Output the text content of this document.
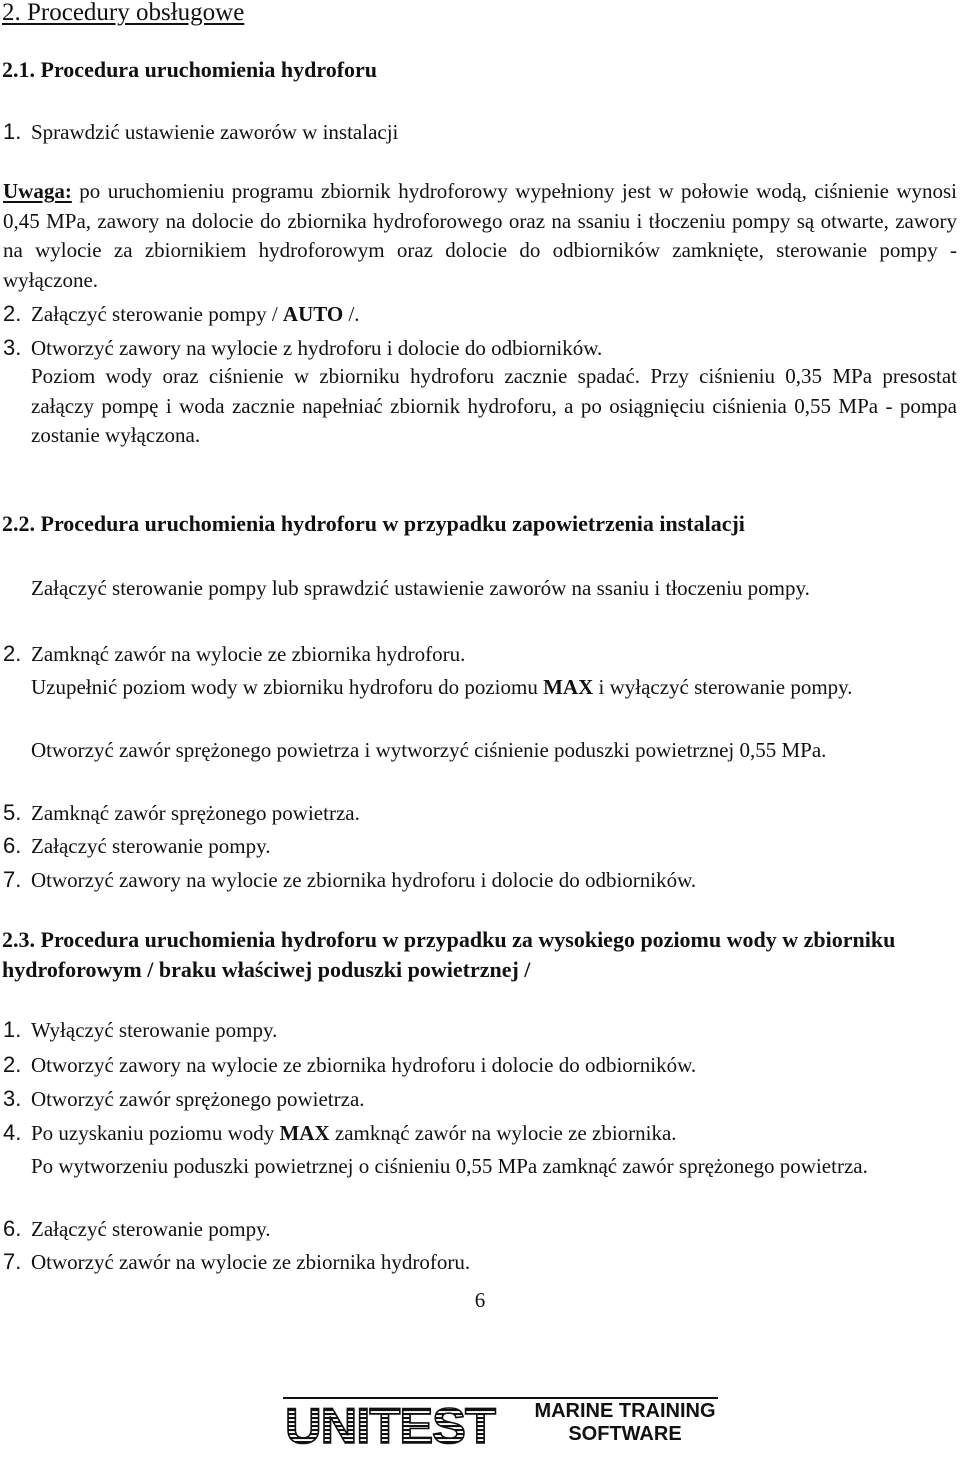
2. Procedury obsługowe
2.1. Procedura uruchomienia hydroforu
1. Sprawdzić ustawienie zaworów w instalacji
Uwaga: po uruchomieniu programu zbiornik hydroforowy wypełniony jest w połowie wodą, ciśnienie wynosi 0,45 MPa, zawory na dolocie do zbiornika hydroforowego oraz na ssaniu i tłoczeniu pompy są otwarte, zawory na wylocie za zbiornikiem hydroforowym oraz dolocie do odbiorników zamknięte, sterowanie pompy - wyłączone.
2. Załączyć sterowanie pompy / AUTO /.
3. Otworzyć zawory na wylocie z hydroforu i dolocie do odbiorników.
Poziom wody oraz ciśnienie w zbiorniku hydroforu zacznie spadać. Przy ciśnieniu 0,35 MPa presostat załączy pompę i woda zacznie napełniać zbiornik hydroforu, a po osiągnięciu ciśnienia 0,55 MPa - pompa zostanie wyłączona.
2.2. Procedura uruchomienia hydroforu w przypadku zapowietrzenia instalacji
Załączyć sterowanie pompy lub sprawdzić ustawienie zaworów na ssaniu i tłoczeniu pompy.
2. Zamknąć zawór na wylocie ze zbiornika hydroforu.
Uzupełnić poziom wody w zbiorniku hydroforu do poziomu MAX i wyłączyć sterowanie pompy.
Otworzyć zawór sprężonego powietrza i wytworzyć ciśnienie poduszki powietrznej 0,55 MPa.
5. Zamknąć zawór sprężonego powietrza.
6. Załączyć sterowanie pompy.
7. Otworzyć zawory na wylocie ze zbiornika hydroforu i dolocie do odbiorników.
2.3. Procedura uruchomienia hydroforu w przypadku za wysokiego poziomu wody w zbiorniku hydroforowym / braku właściwej poduszki powietrznej /
1. Wyłączyć sterowanie pompy.
2. Otworzyć zawory na wylocie ze zbiornika hydroforu i dolocie do odbiorników.
3. Otworzyć zawór sprężonego powietrza.
4. Po uzyskaniu poziomu wody MAX zamknąć zawór na wylocie ze zbiornika.
Po wytworzeniu poduszki powietrznej o ciśnieniu 0,55 MPa zamknąć zawór sprężonego powietrza.
6. Załączyć sterowanie pompy.
7. Otworzyć zawór na wylocie ze zbiornika hydroforu.
6
UNITEST MARINE TRAINING
SOFTWARE
